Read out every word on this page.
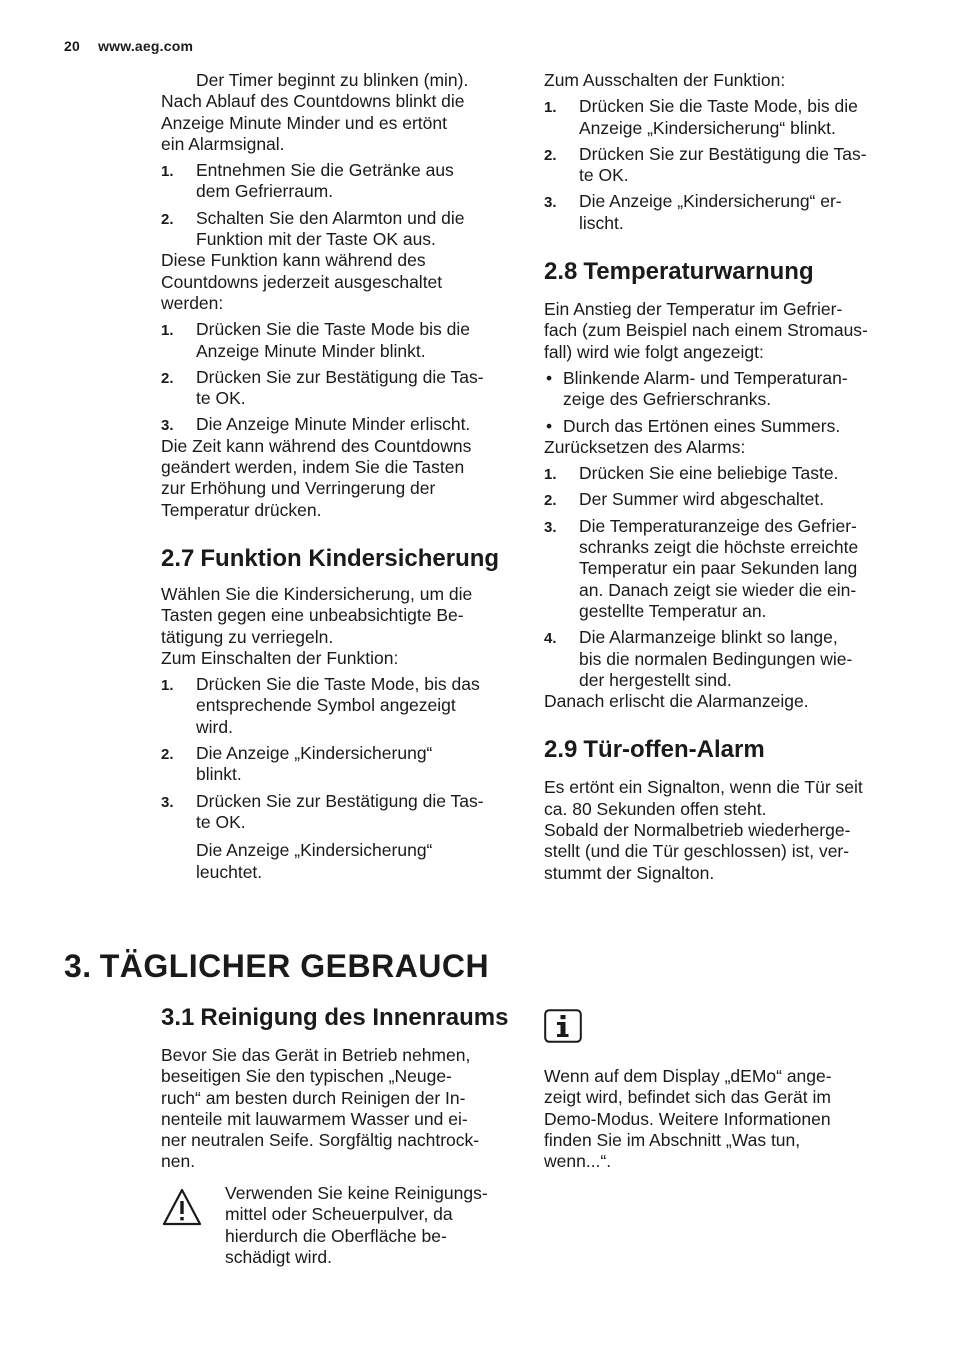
20 www.aeg.com

Der Timer beginnt zu blinken (min).
Nach Ablauf des Countdowns blinkt die
Anzeige Minute Minder und es ertönt
ein Alarmsignal.

1. Entnehmen Sie die Getränke aus
dem Gefrierraum.
2. Schalten Sie den Alarmton und die
Funktion mit der Taste OK aus.

Diese Funktion kann während des
Countdowns jederzeit ausgeschaltet
werden:

1. Drücken Sie die Taste Mode bis die
Anzeige Minute Minder blinkt.
2. Drücken Sie zur Bestätigung die Tas-
te OK.
3. Die Anzeige Minute Minder erlischt.

Die Zeit kann während des Countdowns
geändert werden, indem Sie die Tasten
zur Erhöhung und Verringerung der
Temperatur drücken.

2.7 Funktion Kindersicherung

Wählen Sie die Kindersicherung, um die
Tasten gegen eine unbeabsichtigte Be-
tätigung zu verriegeln.
Zum Einschalten der Funktion:

1. Drücken Sie die Taste Mode, bis das
entsprechende Symbol angezeigt
wird.
2. Die Anzeige „Kindersicherung“
blinkt.
3. Drücken Sie zur Bestätigung die Tas-
te OK.

Die Anzeige „Kindersicherung“
leuchtet.

Zum Ausschalten der Funktion:

1. Drücken Sie die Taste Mode, bis die
Anzeige „Kindersicherung“ blinkt.
2. Drücken Sie zur Bestätigung die Tas-
te OK.
3. Die Anzeige „Kindersicherung“ er-
lischt.
2.8 Temperaturwarnung

Ein Anstieg der Temperatur im Gefrier-
fach (zum Beispiel nach einem Stromaus-
fall) wird wie folgt angezeigt:

• Blinkende Alarm- und Temperaturan-
zeige des Gefrierschranks.
• Durch das Ertönen eines Summers.

Zurücksetzen des Alarms:

1. Drücken Sie eine beliebige Taste.
2. Der Summer wird abgeschaltet.
3. Die Temperaturanzeige des Gefrier-
schranks zeigt die höchste erreichte
Temperatur ein paar Sekunden lang
an. Danach zeigt sie wieder die ein-
gestellte Temperatur an.
4. Die Alarmanzeige blinkt so lange,
bis die normalen Bedingungen wie-
der hergestellt sind.

Danach erlischt die Alarmanzeige.

2.9 Tür-offen-Alarm

Es ertönt ein Signalton, wenn die Tür seit
ca. 80 Sekunden offen steht.
Sobald der Normalbetrieb wiederherge-
stellt (und die Tür geschlossen) ist, ver-
stummt der Signalton.

3. TÄGLICHER GEBRAUCH
3.1 Reinigung des Innenraums

Bevor Sie das Gerät in Betrieb nehmen,
beseitigen Sie den typischen „Neuge-
ruch“ am besten durch Reinigen der In-
nenteile mit lauwarmem Wasser und ei-
ner neutralen Seife. Sorgfältig nachtrock-
nen.

Verwenden Sie keine Reinigungs-
mittel oder Scheuerpulver, da
hierdurch die Oberfläche be-
schädigt wird.

Wenn auf dem Display „dEMo“ ange-
zeigt wird, befindet sich das Gerät im
Demo-Modus. Weitere Informationen
finden Sie im Abschnitt „Was tun,
wenn...“.
